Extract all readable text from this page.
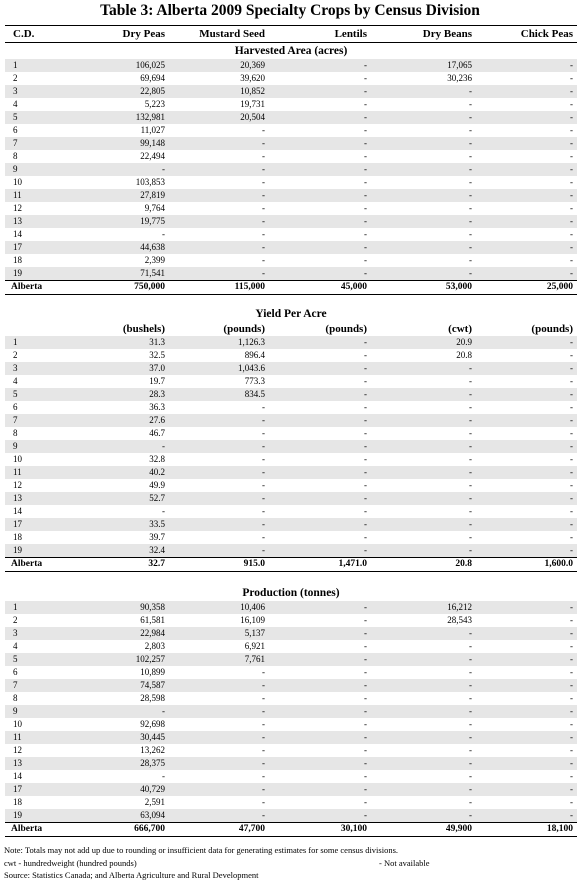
Table 3: Alberta 2009 Specialty Crops by Census Division
C.D.	Dry Peas	Mustard Seed	Lentils	Dry Beans	Chick Peas
Harvested Area (acres)
1	106,025	20,369	-	17,065	-
2	69,694	39,620	-	30,236	-
3	22,805	10,852	-	-	-
4	5,223	19,731	-	-	-
5	132,981	20,504	-	-	-
6	11,027	-	-	-	-
7	99,148	-	-	-	-
8	22,494	-	-	-	-
9	-	-	-	-	-
10	103,853	-	-	-	-
11	27,819	-	-	-	-
12	9,764	-	-	-	-
13	19,775	-	-	-	-
14	-	-	-	-	-
17	44,638	-	-	-	-
18	2,399	-	-	-	-
19	71,541	-	-	-	-
Alberta	750,000	115,000	45,000	53,000	25,000
Yield Per Acre
(bushels)	(pounds)	(pounds)	(cwt)	(pounds)
1	31.3	1,126.3	-	20.9	-
2	32.5	896.4	-	20.8	-
3	37.0	1,043.6	-	-	-
4	19.7	773.3	-	-	-
5	28.3	834.5	-	-	-
6	36.3	-	-	-	-
7	27.6	-	-	-	-
8	46.7	-	-	-	-
9	-	-	-	-	-
10	32.8	-	-	-	-
11	40.2	-	-	-	-
12	49.9	-	-	-	-
13	52.7	-	-	-	-
14	-	-	-	-	-
17	33.5	-	-	-	-
18	39.7	-	-	-	-
19	32.4	-	-	-	-
Alberta	32.7	915.0	1,471.0	20.8	1,600.0
Production (tonnes)
1	90,358	10,406	-	16,212	-
2	61,581	16,109	-	28,543	-
3	22,984	5,137	-	-	-
4	2,803	6,921	-	-	-
5	102,257	7,761	-	-	-
6	10,899	-	-	-	-
7	74,587	-	-	-	-
8	28,598	-	-	-	-
9	-	-	-	-	-
10	92,698	-	-	-	-
11	30,445	-	-	-	-
12	13,262	-	-	-	-
13	28,375	-	-	-	-
14	-	-	-	-	-
17	40,729	-	-	-	-
18	2,591	-	-	-	-
19	63,094	-	-	-	-
Alberta	666,700	47,700	30,100	49,900	18,100
Note: Totals may not add up due to rounding or insufficient data for generating estimates for some census divisions.
cwt - hundredweight (hundred pounds)	- Not available
Source: Statistics Canada; and Alberta Agriculture and Rural Development
